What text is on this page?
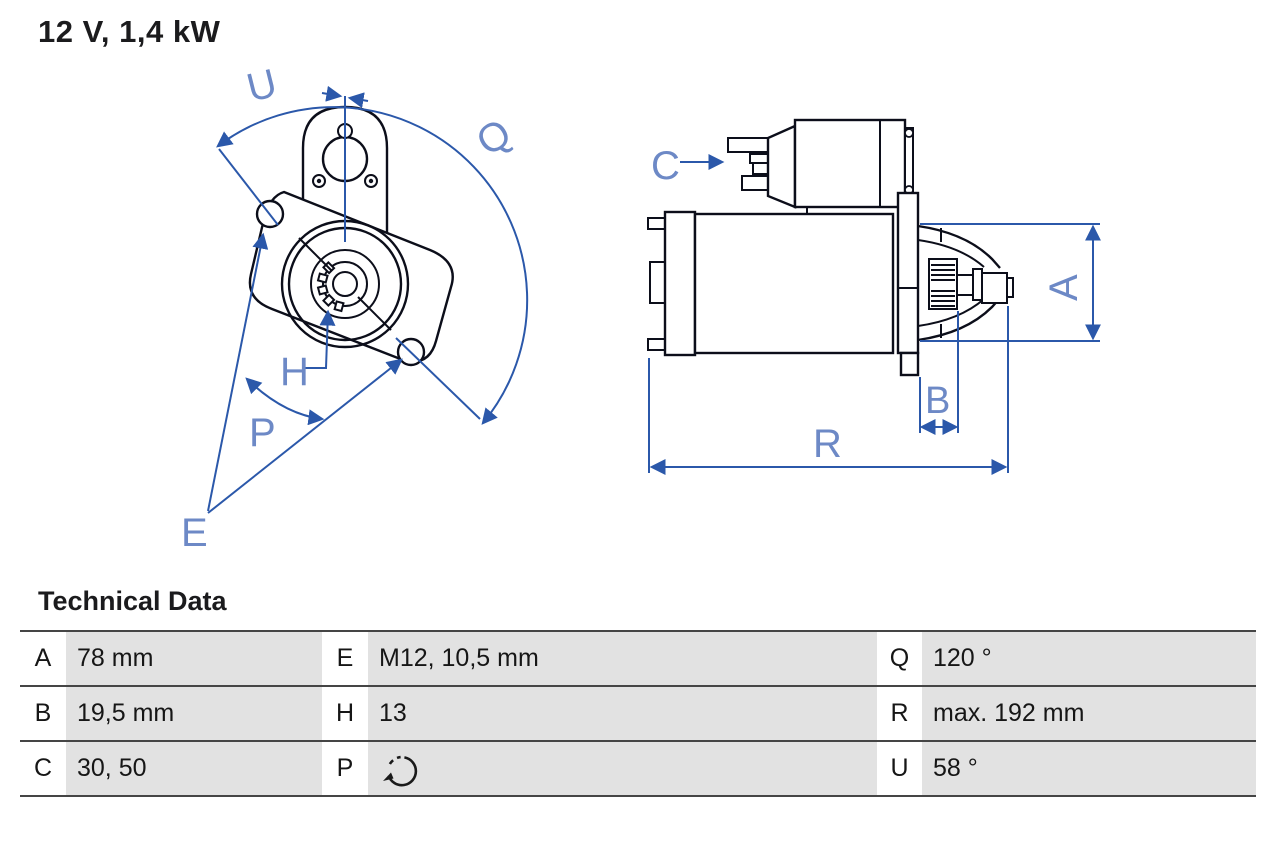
12 V, 1,4 kW
U
Q
H
P
E
C
A
B
R
Technical Data
A	78 mm	E	M12, 10,5 mm	Q 120 °
B	19,5 mm	H 13	R max. 192 mm
C 30, 50	P	U 58 °
